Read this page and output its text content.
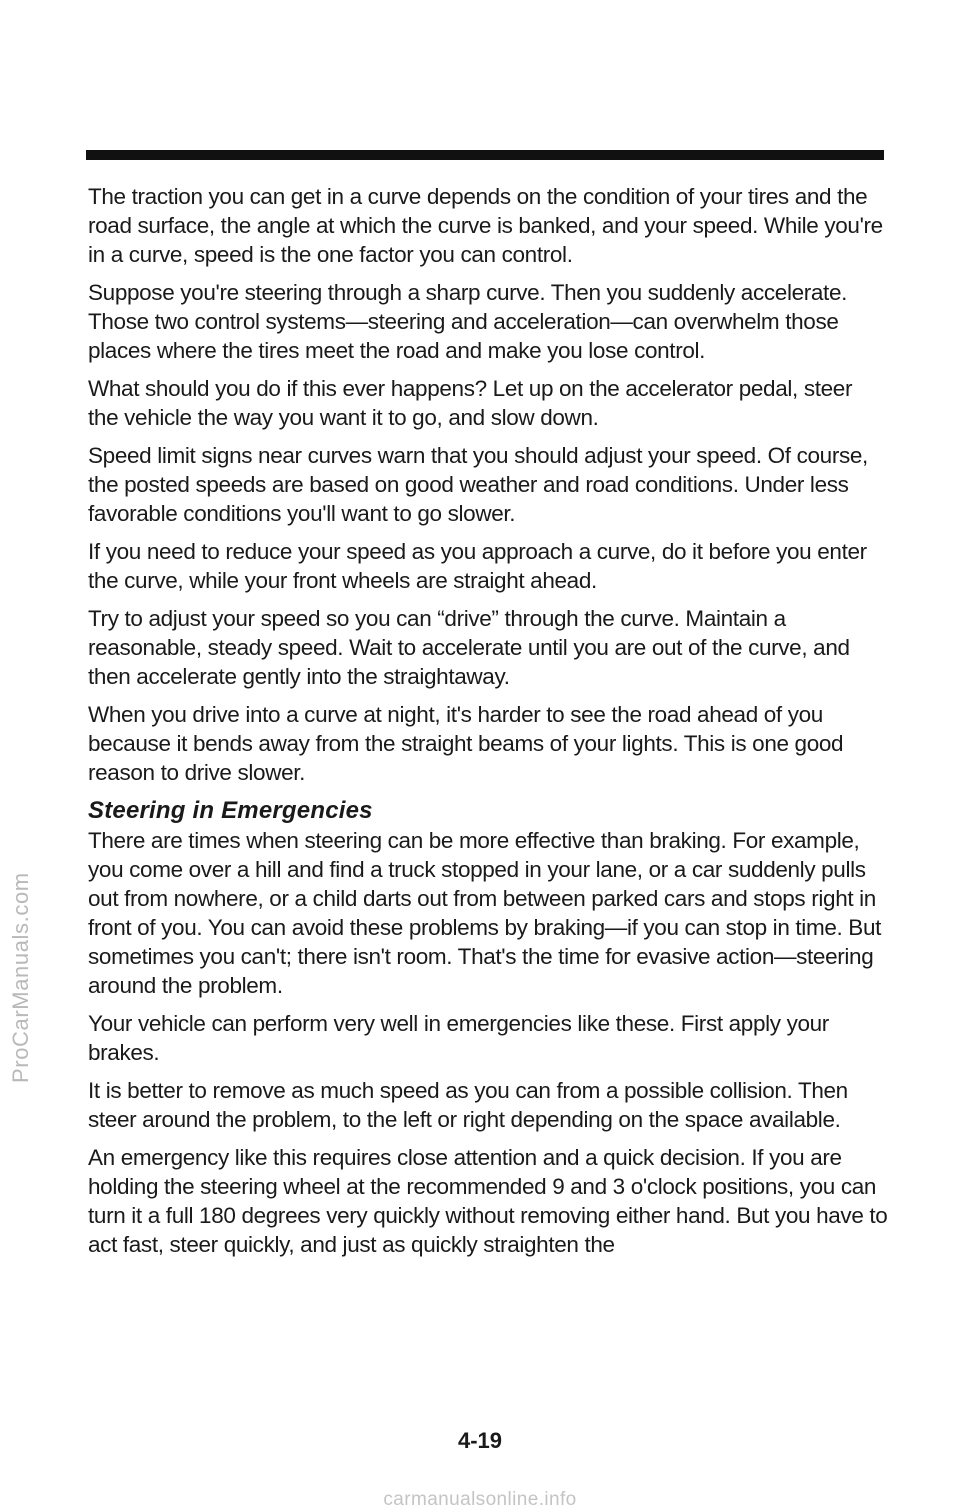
The traction you can get in a curve depends on the condition of your tires and the road surface, the angle at which the curve is banked, and your speed. While you're in a curve, speed is the one factor you can control.

Suppose you're steering through a sharp curve. Then you suddenly accelerate. Those two control systems—steering and acceleration—can overwhelm those places where the tires meet the road and make you lose control.

What should you do if this ever happens? Let up on the accelerator pedal, steer the vehicle the way you want it to go, and slow down.

Speed limit signs near curves warn that you should adjust your speed. Of course, the posted speeds are based on good weather and road conditions. Under less favorable conditions you'll want to go slower.

If you need to reduce your speed as you approach a curve, do it before you enter the curve, while your front wheels are straight ahead.

Try to adjust your speed so you can “drive” through the curve. Maintain a reasonable, steady speed. Wait to accelerate until you are out of the curve, and then accelerate gently into the straightaway.

When you drive into a curve at night, it's harder to see the road ahead of you because it bends away from the straight beams of your lights. This is one good reason to drive slower.

Steering in Emergencies

There are times when steering can be more effective than braking. For example, you come over a hill and find a truck stopped in your lane, or a car suddenly pulls out from nowhere, or a child darts out from between parked cars and stops right in front of you. You can avoid these problems by braking—if you can stop in time. But sometimes you can't; there isn't room. That's the time for evasive action—steering around the problem.

Your vehicle can perform very well in emergencies like these. First apply your brakes.

It is better to remove as much speed as you can from a possible collision. Then steer around the problem, to the left or right depending on the space available.

An emergency like this requires close attention and a quick decision. If you are holding the steering wheel at the recommended 9 and 3 o'clock positions, you can turn it a full 180 degrees very quickly without removing either hand. But you have to act fast, steer quickly, and just as quickly straighten the

4-19
ProCarManuals.com
carmanualsonline.info
